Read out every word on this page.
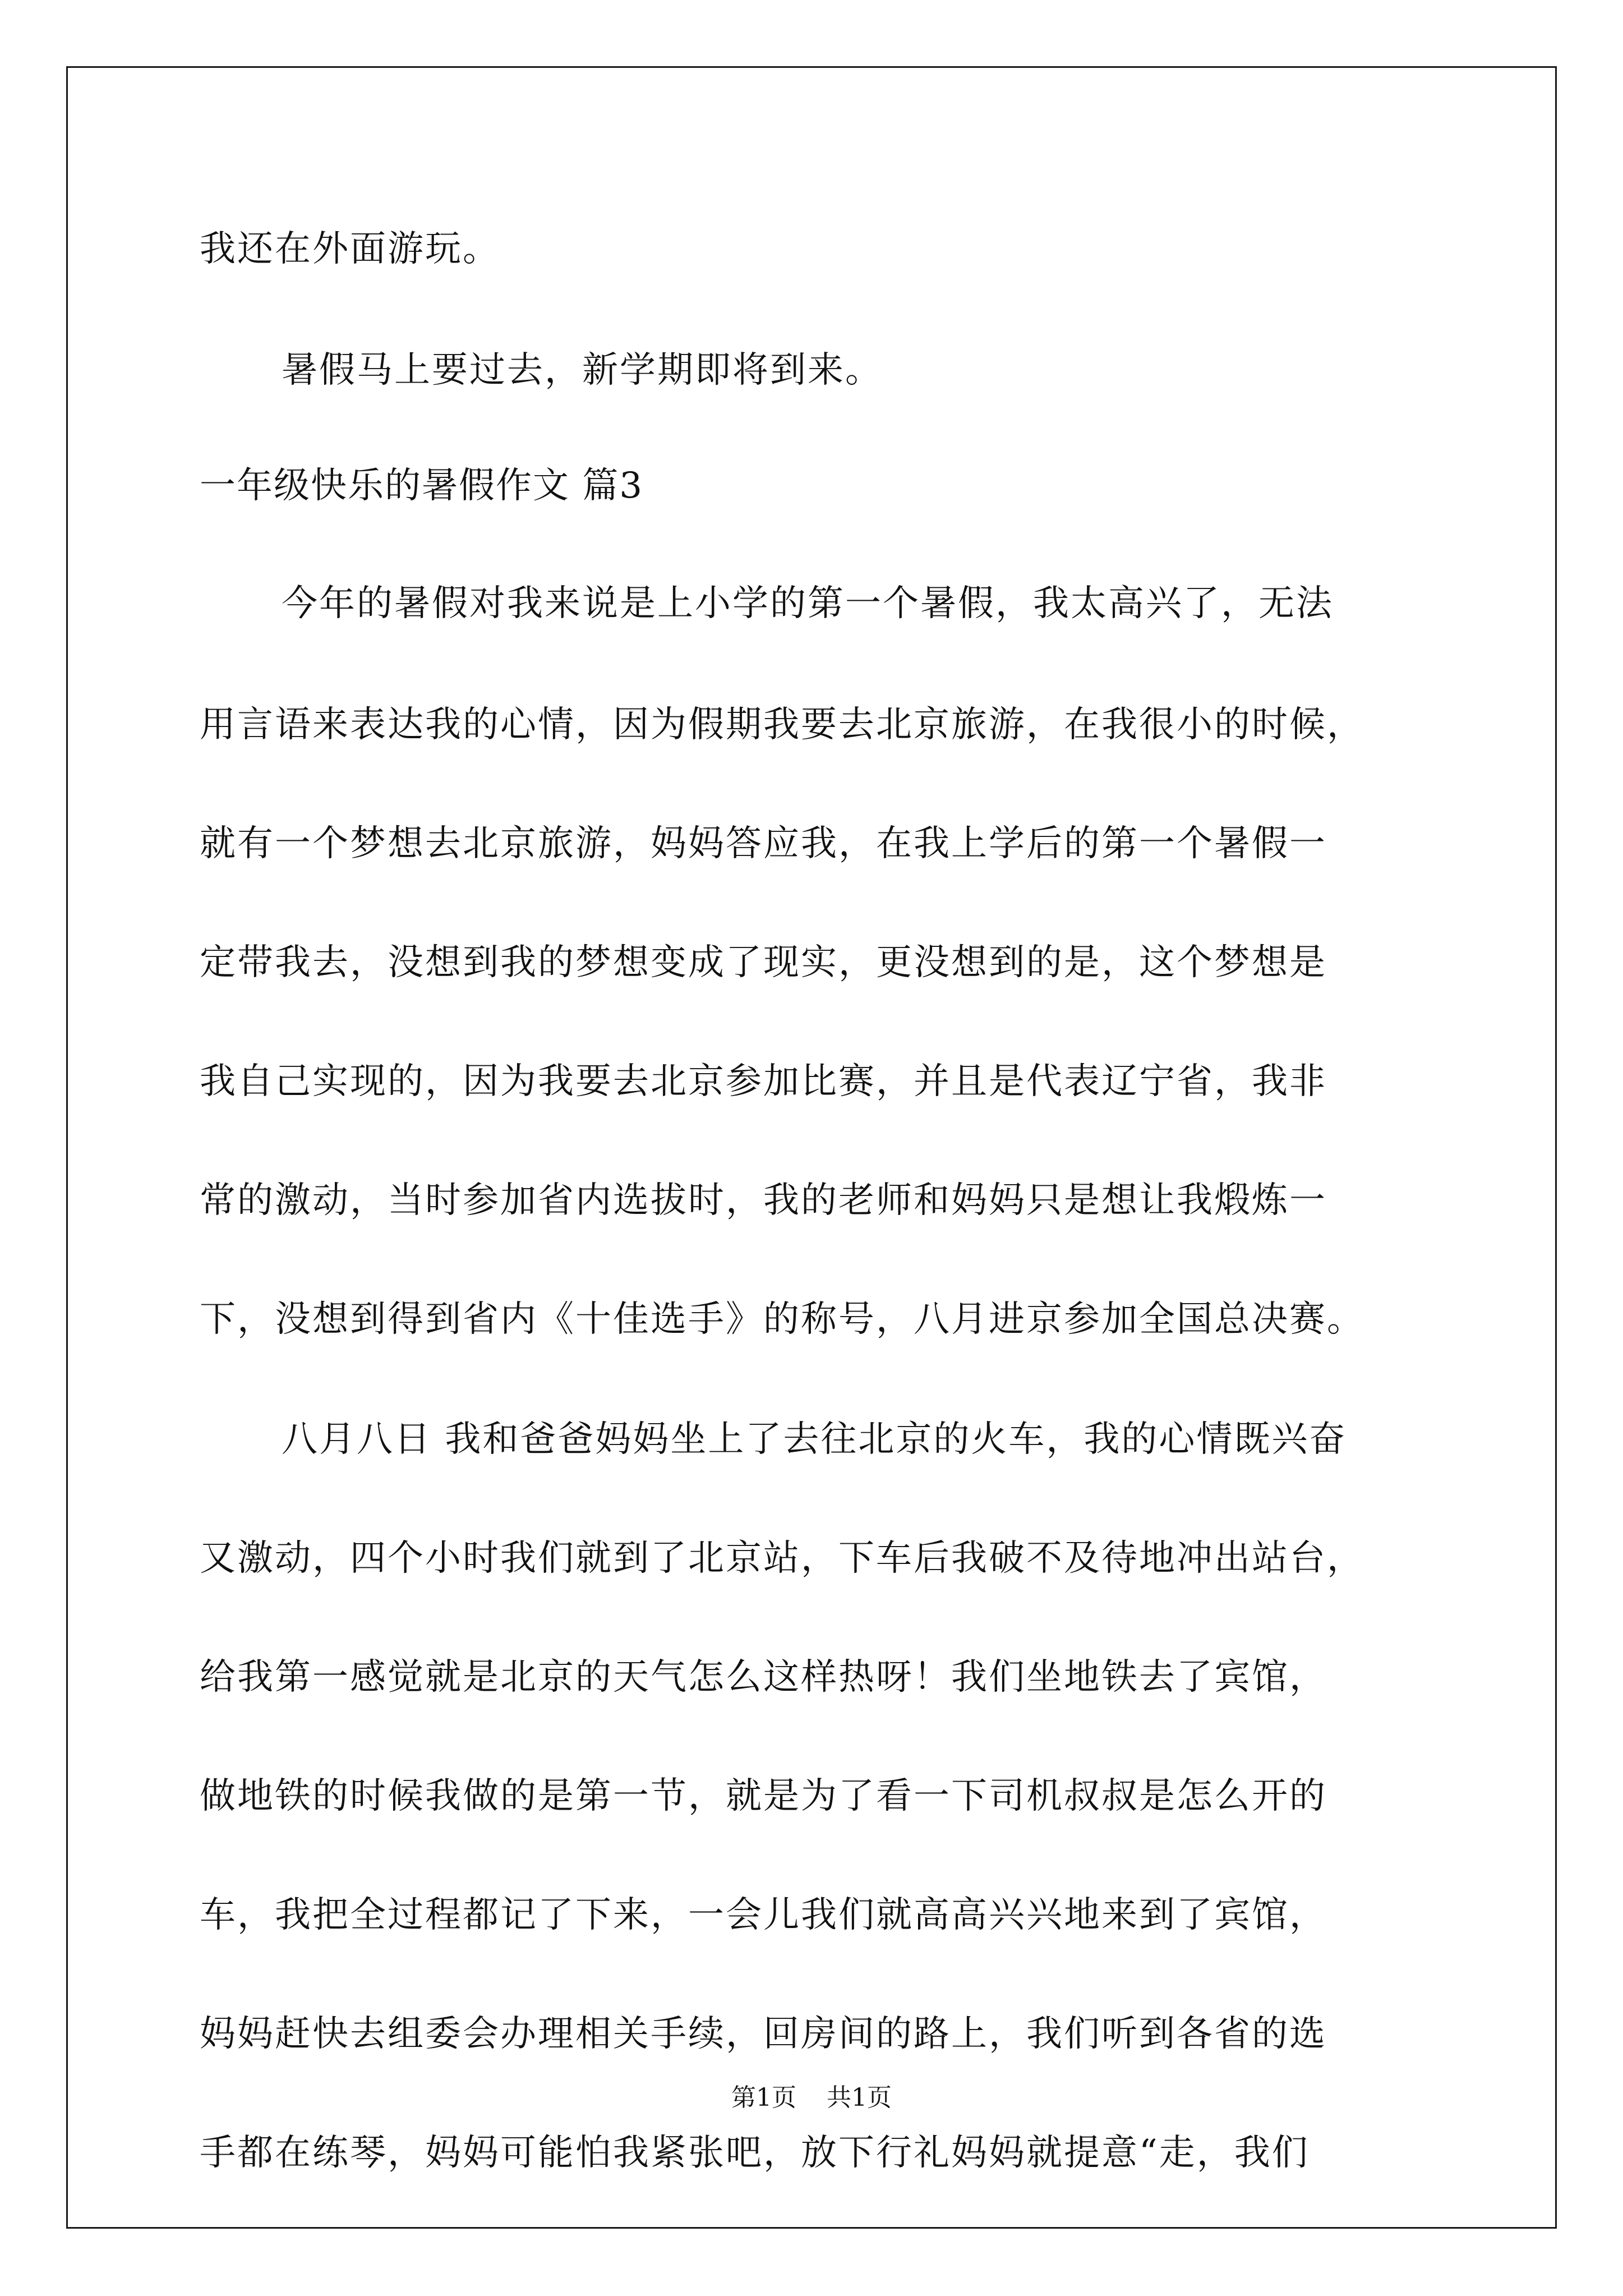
我还在外面游玩。
暑假马上要过去，新学期即将到来。
一年级快乐的暑假作文 篇3
今年的暑假对我来说是上小学的第一个暑假，我太高兴了，无法
用言语来表达我的心情，因为假期我要去北京旅游，在我很小的时候，
就有一个梦想去北京旅游，妈妈答应我，在我上学后的第一个暑假一
定带我去，没想到我的梦想变成了现实，更没想到的是，这个梦想是
我自己实现的，因为我要去北京参加比赛，并且是代表辽宁省，我非
常的激动，当时参加省内选拔时，我的老师和妈妈只是想让我煅炼一
下，没想到得到省内《十佳选手》的称号，八月进京参加全国总决赛。
八月八日 我和爸爸妈妈坐上了去往北京的火车，我的心情既兴奋
又激动，四个小时我们就到了北京站，下车后我破不及待地冲出站台，
给我第一感觉就是北京的天气怎么这样热呀！我们坐地铁去了宾馆，
做地铁的时候我做的是第一节，就是为了看一下司机叔叔是怎么开的
车，我把全过程都记了下来，一会儿我们就高高兴兴地来到了宾馆，
妈妈赶快去组委会办理相关手续，回房间的路上，我们听到各省的选
手都在练琴，妈妈可能怕我紧张吧，放下行礼妈妈就提意“走，我们
第1页 共1页
